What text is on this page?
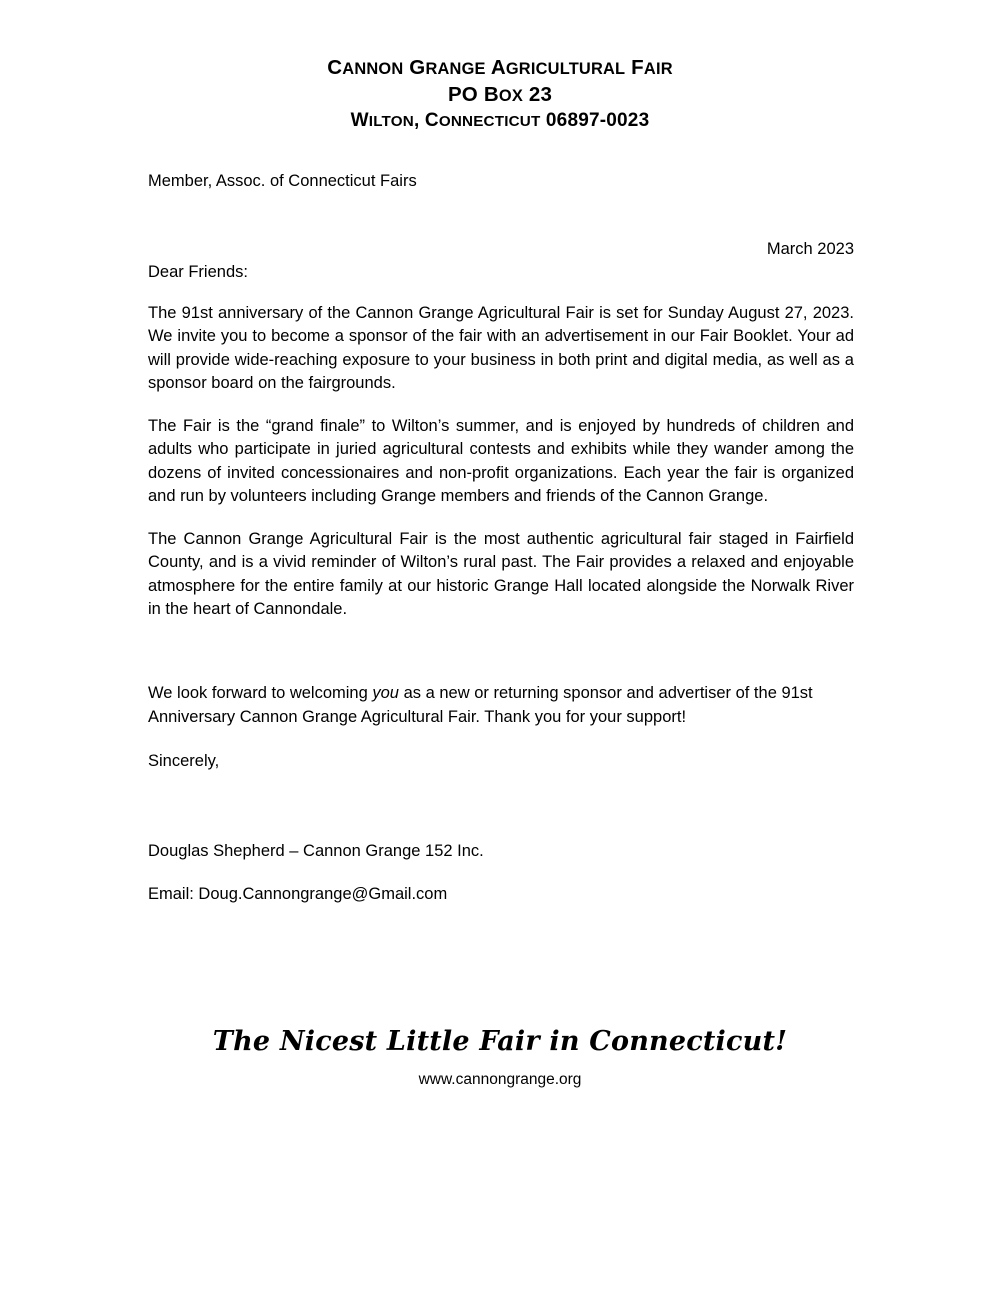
CANNON GRANGE AGRICULTURAL FAIR
PO BOX 23
WILTON, CONNECTICUT 06897-0023
Member, Assoc. of Connecticut Fairs
March 2023
Dear Friends:

The 91st anniversary of the Cannon Grange Agricultural Fair is set for Sunday August 27, 2023. We invite you to become a sponsor of the fair with an advertisement in our Fair Booklet. Your ad will provide wide-reaching exposure to your business in both print and digital media, as well as a sponsor board on the fairgrounds.

The Fair is the “grand finale” to Wilton’s summer, and is enjoyed by hundreds of children and adults who participate in juried agricultural contests and exhibits while they wander among the dozens of invited concessionaires and non-profit organizations. Each year the fair is organized and run by volunteers including Grange members and friends of the Cannon Grange.

The Cannon Grange Agricultural Fair is the most authentic agricultural fair staged in Fairfield County, and is a vivid reminder of Wilton’s rural past. The Fair provides a relaxed and enjoyable atmosphere for the entire family at our historic Grange Hall located alongside the Norwalk River in the heart of Cannondale.

We look forward to welcoming you as a new or returning sponsor and advertiser of the 91st Anniversary Cannon Grange Agricultural Fair. Thank you for your support!

Sincerely,
Douglas Shepherd – Cannon Grange 152 Inc.
Email: Doug.Cannongrange@Gmail.com
The Nicest Little Fair in Connecticut!
www.cannongrange.org
